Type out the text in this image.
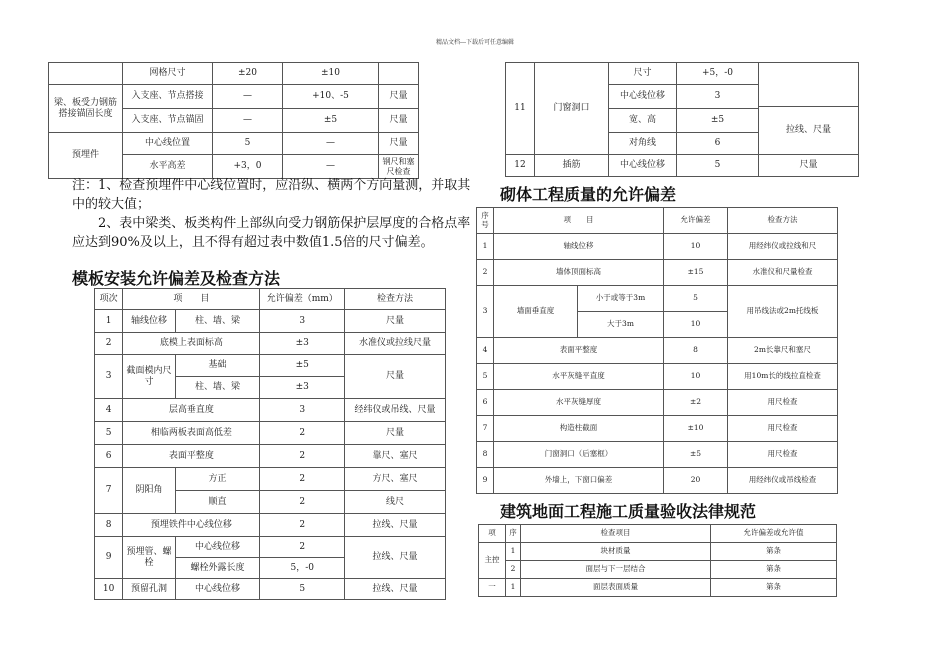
精品文档---下载后可任意编辑
	网格尺寸	±20	±10	
梁、板受力钢筋搭接锚固长度	入支座、节点搭接	—	+10、-5	尺量
	入支座、节点锚固	—	±5	尺量
预埋件	中心线位置	5	—	尺量
	水平高差	+3，0	—	钢尺和塞尺检查
注：1、检查预埋件中心线位置时，应沿纵、横两个方向量测，并取其
中的较大值；
2、表中梁类、板类构件上部纵向受力钢筋保护层厚度的合格点率
应达到90%及以上，且不得有超过表中数值1.5倍的尺寸偏差。
模板安装允许偏差及检查方法
项次	项　　目		允许偏差（mm）	检查方法
1	轴线位移	柱、墙、梁	3	尺量
2	底模上表面标高		±3	水准仪或拉线尺量
3	截面模内尺寸	基础	±5	尺量
		柱、墙、梁	±3	
4	层高垂直度		3	经纬仪或吊线、尺量
5	相临两板表面高低差		2	尺量
6	表面平整度		2	靠尺、塞尺
7	阴阳角	方正	2	方尺、塞尺
		顺直	2	线尺
8	预埋铁件中心线位移		2	拉线、尺量
9	预埋管、螺栓	中心线位移	2	拉线、尺量
		螺栓外露长度	5，-0	
10	预留孔洞	中心线位移	5	拉线、尺量
11	门窗洞口	尺寸	+5，-0	
		中心线位移	3	
				拉线、尺量
		宽、高	±5	
		对角线	6	
12	插筋	中心线位移	5	尺量
砌体工程质量的允许偏差
序号	项　　目		允许偏差	检查方法
1	轴线位移		10	用经纬仪或拉线和尺
2	墙体顶面标高		±15	水准仪和尺量检查
3	墙面垂直度	小于或等于3m	5	用吊线法或2m托线板
		大于3m	10	
4	表面平整度		8	2m长靠尺和塞尺
5	水平灰缝平直度		10	用10m长的线拉直检查
6	水平灰缝厚度		±2	用尺检查
7	构造柱截面		±10	用尺检查
8	门窗洞口（后塞框）		±5	用尺检查
9	外墙上，下窗口偏差		20	用经纬仪或吊线检查
建筑地面工程施工质量验收法律规范
项	序	检查项目	允许偏差或允许值
主控	1	块材质量	第条
	2	面层与下一层结合	第条
一	1	面层表面质量	第条
